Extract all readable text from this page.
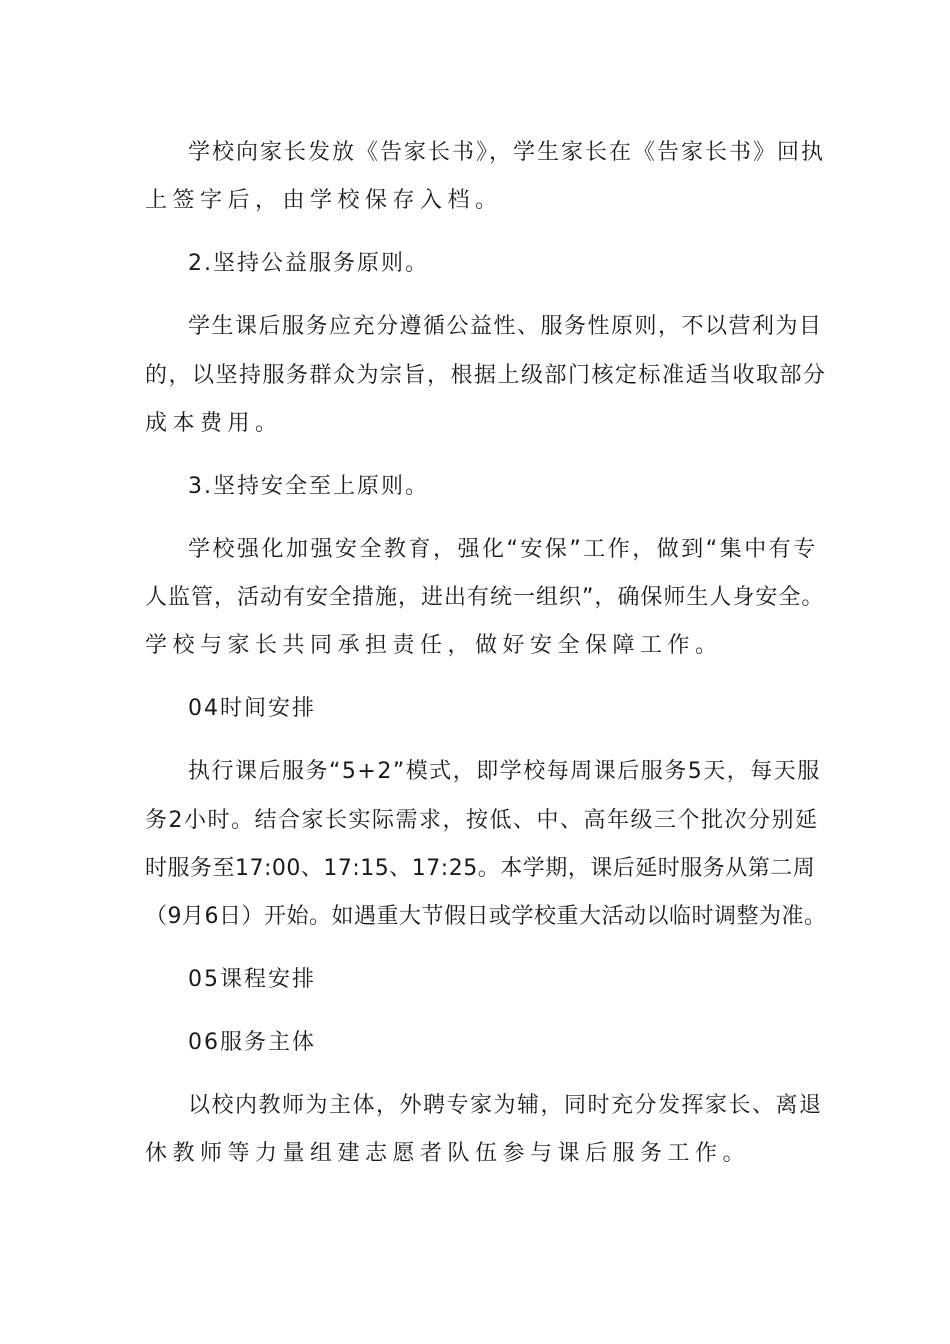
学校向家长发放《告家长书》，学生家长在《告家长书》回执
上签字后，由学校保存入档。
2.坚持公益服务原则。
学生课后服务应充分遵循公益性、服务性原则，不以营利为目
的，以坚持服务群众为宗旨，根据上级部门核定标准适当收取部分
成本费用。
3.坚持安全至上原则。
学校强化加强安全教育，强化“安保”工作，做到“集中有专
人监管，活动有安全措施，进出有统一组织”，确保师生人身安全。
学校与家长共同承担责任，做好安全保障工作。
04时间安排
执行课后服务“5+2”模式，即学校每周课后服务5天，每天服
务2小时。结合家长实际需求，按低、中、高年级三个批次分别延
时服务至17:00、17:15、17:25。本学期，课后延时服务从第二周
（9月6日）开始。如遇重大节假日或学校重大活动以临时调整为准。
05课程安排
06服务主体
以校内教师为主体，外聘专家为辅，同时充分发挥家长、离退
休教师等力量组建志愿者队伍参与课后服务工作。
